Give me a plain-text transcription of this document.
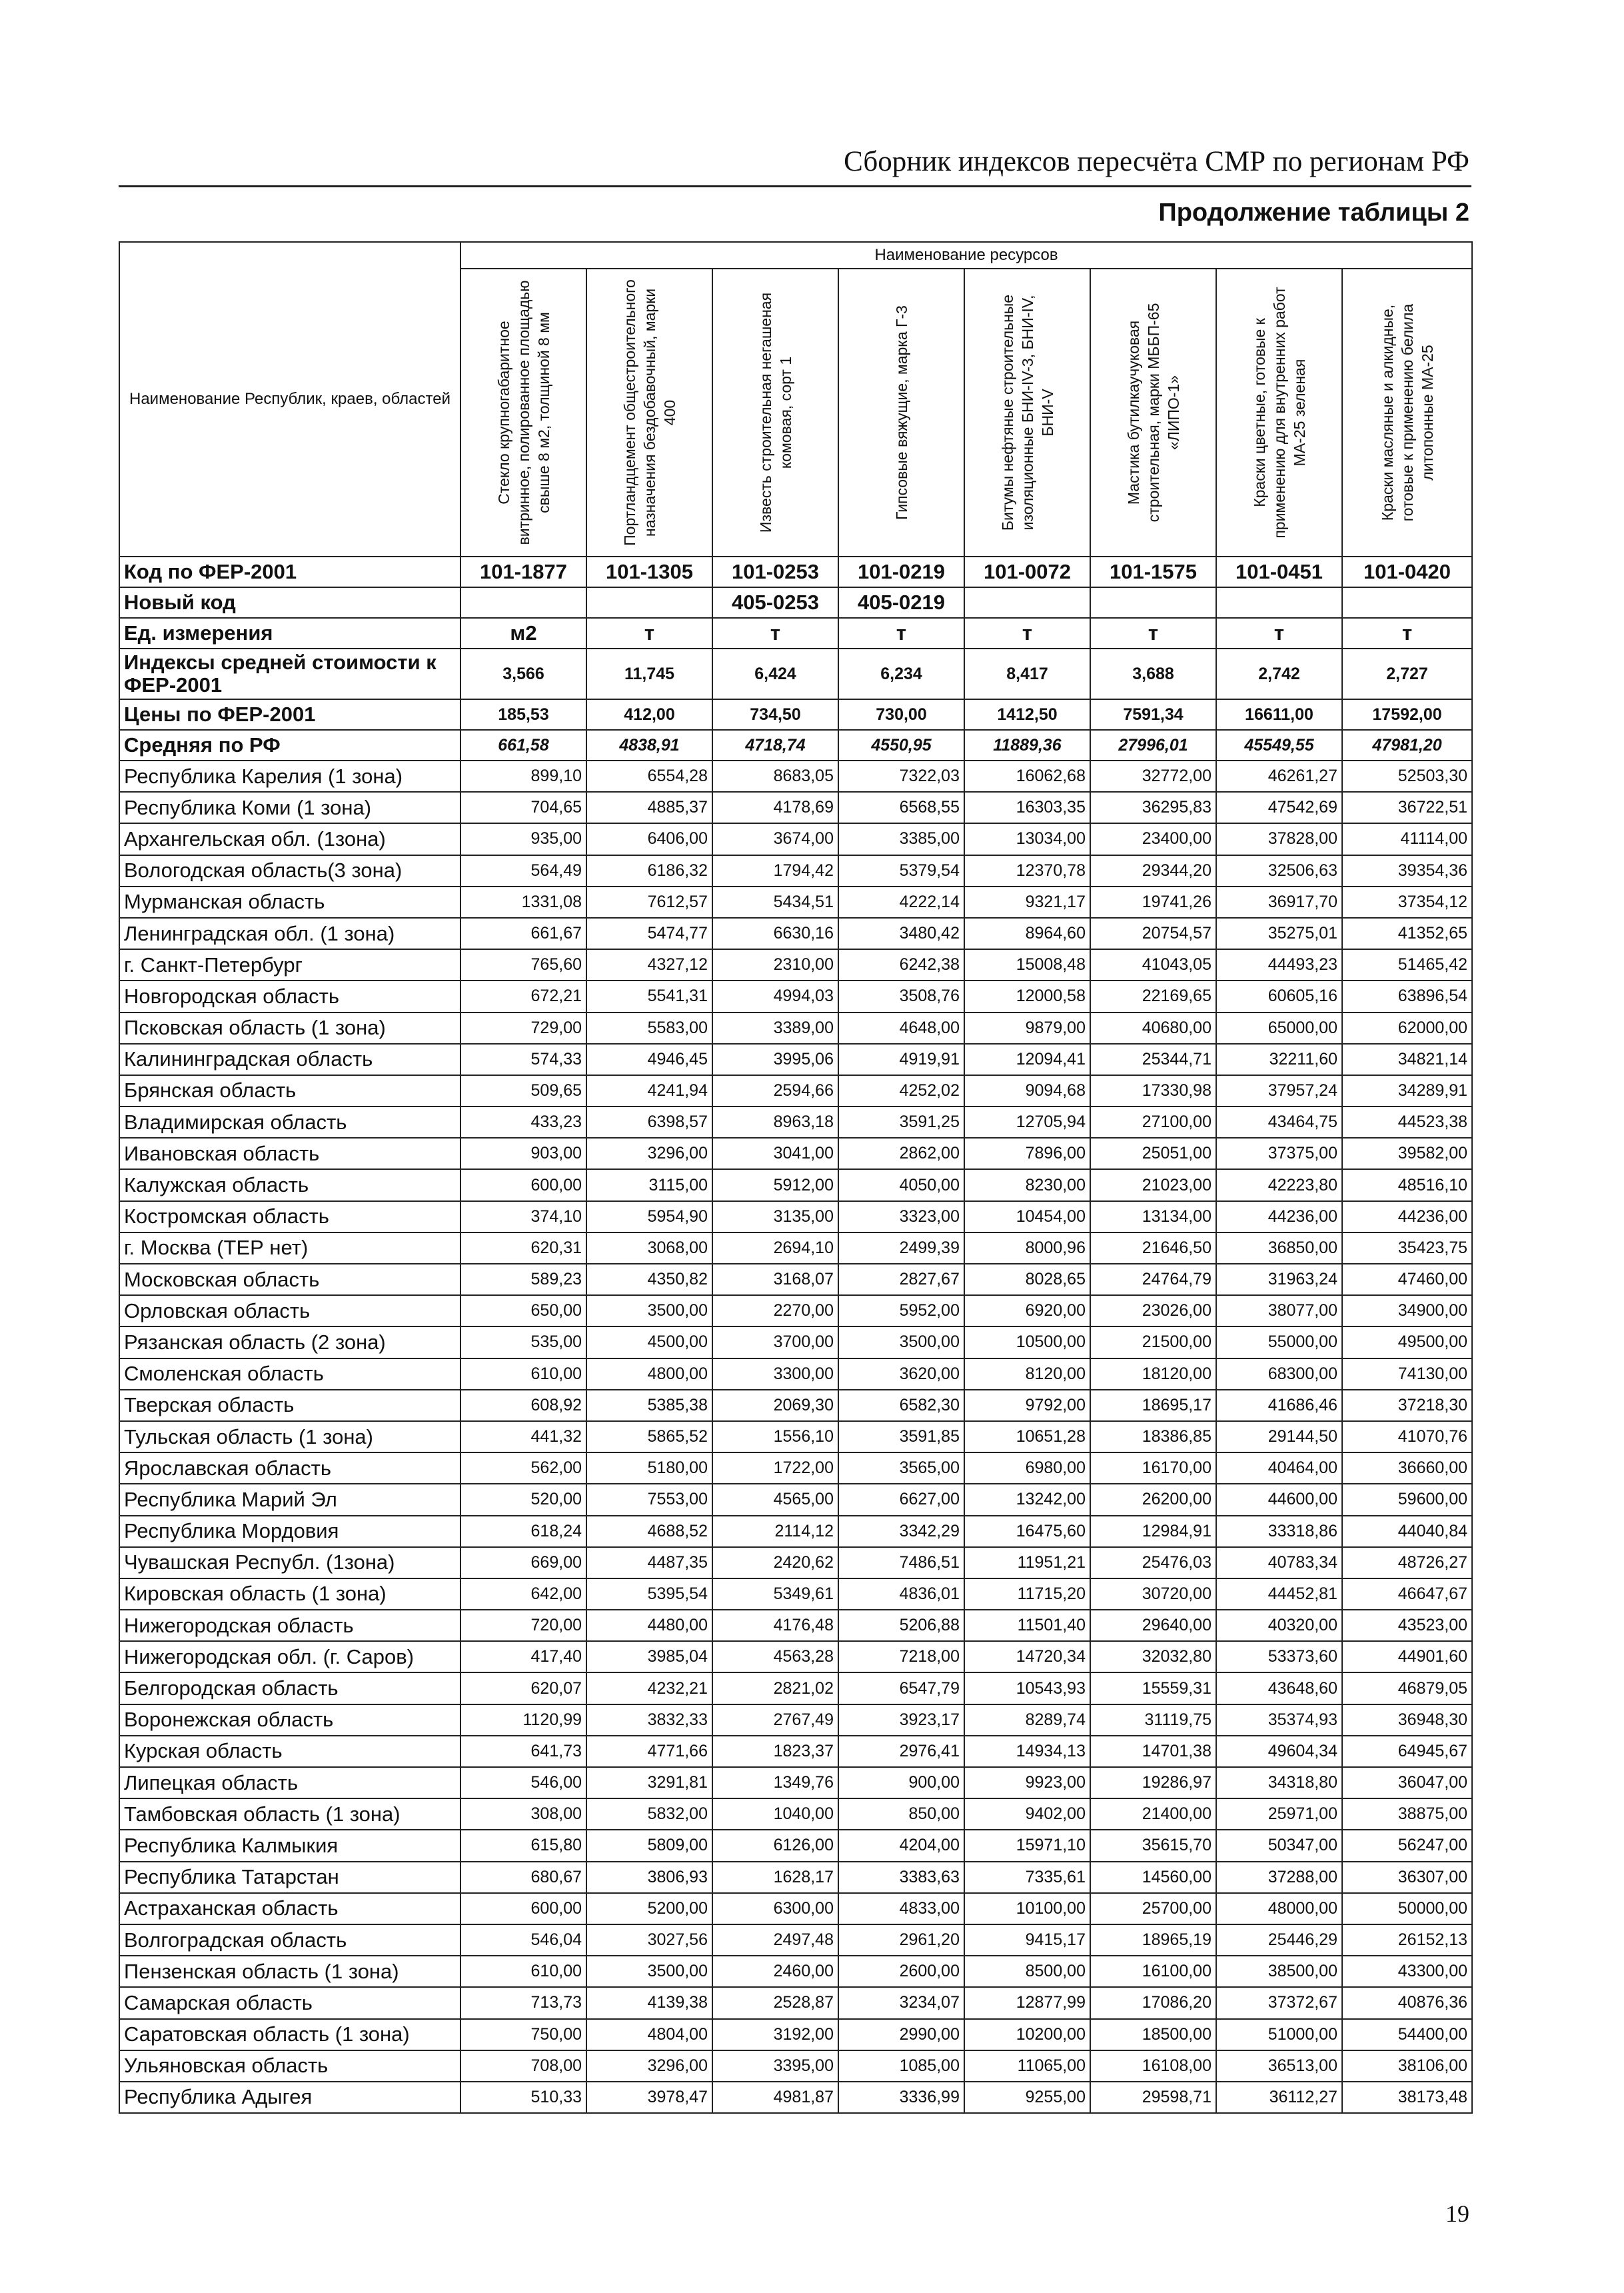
Сборник индексов пересчёта СМР по регионам РФ
Продолжение таблицы 2
Наименование Республик, краев, областей	Наименование ресурсов							

	Стекло крупногабаритное витринное, полированное площадью свыше 8 м2, толщиной 8 мм	Портландцемент общестроительного назначения бездобавочный, марки 400	Известь строительная негашеная комовая, сорт 1	Гипсовые вяжущие, марка Г-3	Битумы нефтяные строительные изоляционные БНИ-IV-3, БНИ-IV, БНИ-V	Мастика бутилкаучуковая строительная, марки МББП-65 «ЛИПО-1»	Краски цветные, готовые к применению для внутренних работ МА-25 зеленая	Краски масляные и алкидные, готовые к применению белила литопонные МА-25

Код по ФЕР-2001	101-1877	101-1305	101-0253	101-0219	101-0072	101-1575	101-0451	101-0420
Новый код			405-0253	405-0219				
Ед. измерения	м2	т	т	т	т	т	т	т
Индексы средней стоимости к ФЕР-2001	3,566	11,745	6,424	6,234	8,417	3,688	2,742	2,727
Цены по ФЕР-2001	185,53	412,00	734,50	730,00	1412,50	7591,34	16611,00	17592,00
Средняя по РФ	661,58	4838,91	4718,74	4550,95	11889,36	27996,01	45549,55	47981,20
Республика Карелия (1 зона)	899,10	6554,28	8683,05	7322,03	16062,68	32772,00	46261,27	52503,30
Республика Коми (1 зона)	704,65	4885,37	4178,69	6568,55	16303,35	36295,83	47542,69	36722,51
Архангельская обл. (1зона)	935,00	6406,00	3674,00	3385,00	13034,00	23400,00	37828,00	41114,00
Вологодская область(3 зона)	564,49	6186,32	1794,42	5379,54	12370,78	29344,20	32506,63	39354,36
Мурманская область	1331,08	7612,57	5434,51	4222,14	9321,17	19741,26	36917,70	37354,12
Ленинградская обл. (1 зона)	661,67	5474,77	6630,16	3480,42	8964,60	20754,57	35275,01	41352,65
г. Санкт-Петербург	765,60	4327,12	2310,00	6242,38	15008,48	41043,05	44493,23	51465,42
Новгородская область	672,21	5541,31	4994,03	3508,76	12000,58	22169,65	60605,16	63896,54
Псковская область (1 зона)	729,00	5583,00	3389,00	4648,00	9879,00	40680,00	65000,00	62000,00
Калининградская область	574,33	4946,45	3995,06	4919,91	12094,41	25344,71	32211,60	34821,14
Брянская область	509,65	4241,94	2594,66	4252,02	9094,68	17330,98	37957,24	34289,91
Владимирская область	433,23	6398,57	8963,18	3591,25	12705,94	27100,00	43464,75	44523,38
Ивановская область	903,00	3296,00	3041,00	2862,00	7896,00	25051,00	37375,00	39582,00
Калужская область	600,00	3115,00	5912,00	4050,00	8230,00	21023,00	42223,80	48516,10
Костромская область	374,10	5954,90	3135,00	3323,00	10454,00	13134,00	44236,00	44236,00
г. Москва (ТЕР нет)	620,31	3068,00	2694,10	2499,39	8000,96	21646,50	36850,00	35423,75
Московская область	589,23	4350,82	3168,07	2827,67	8028,65	24764,79	31963,24	47460,00
Орловская область	650,00	3500,00	2270,00	5952,00	6920,00	23026,00	38077,00	34900,00
Рязанская область (2 зона)	535,00	4500,00	3700,00	3500,00	10500,00	21500,00	55000,00	49500,00
Смоленская область	610,00	4800,00	3300,00	3620,00	8120,00	18120,00	68300,00	74130,00
Тверская область	608,92	5385,38	2069,30	6582,30	9792,00	18695,17	41686,46	37218,30
Тульская область (1 зона)	441,32	5865,52	1556,10	3591,85	10651,28	18386,85	29144,50	41070,76
Ярославская область	562,00	5180,00	1722,00	3565,00	6980,00	16170,00	40464,00	36660,00
Республика Марий Эл	520,00	7553,00	4565,00	6627,00	13242,00	26200,00	44600,00	59600,00
Республика Мордовия	618,24	4688,52	2114,12	3342,29	16475,60	12984,91	33318,86	44040,84
Чувашская Республ. (1зона)	669,00	4487,35	2420,62	7486,51	11951,21	25476,03	40783,34	48726,27
Кировская область (1 зона)	642,00	5395,54	5349,61	4836,01	11715,20	30720,00	44452,81	46647,67
Нижегородская область	720,00	4480,00	4176,48	5206,88	11501,40	29640,00	40320,00	43523,00
Нижегородская обл. (г. Саров)	417,40	3985,04	4563,28	7218,00	14720,34	32032,80	53373,60	44901,60
Белгородская область	620,07	4232,21	2821,02	6547,79	10543,93	15559,31	43648,60	46879,05
Воронежская область	1120,99	3832,33	2767,49	3923,17	8289,74	31119,75	35374,93	36948,30
Курская область	641,73	4771,66	1823,37	2976,41	14934,13	14701,38	49604,34	64945,67
Липецкая область	546,00	3291,81	1349,76	900,00	9923,00	19286,97	34318,80	36047,00
Тамбовская область (1 зона)	308,00	5832,00	1040,00	850,00	9402,00	21400,00	25971,00	38875,00
Республика Калмыкия	615,80	5809,00	6126,00	4204,00	15971,10	35615,70	50347,00	56247,00
Республика Татарстан	680,67	3806,93	1628,17	3383,63	7335,61	14560,00	37288,00	36307,00
Астраханская область	600,00	5200,00	6300,00	4833,00	10100,00	25700,00	48000,00	50000,00
Волгоградская область	546,04	3027,56	2497,48	2961,20	9415,17	18965,19	25446,29	26152,13
Пензенская область (1 зона)	610,00	3500,00	2460,00	2600,00	8500,00	16100,00	38500,00	43300,00
Самарская область	713,73	4139,38	2528,87	3234,07	12877,99	17086,20	37372,67	40876,36
Саратовская область (1 зона)	750,00	4804,00	3192,00	2990,00	10200,00	18500,00	51000,00	54400,00
Ульяновская область	708,00	3296,00	3395,00	1085,00	11065,00	16108,00	36513,00	38106,00
Республика Адыгея	510,33	3978,47	4981,87	3336,99	9255,00	29598,71	36112,27	38173,48
19
